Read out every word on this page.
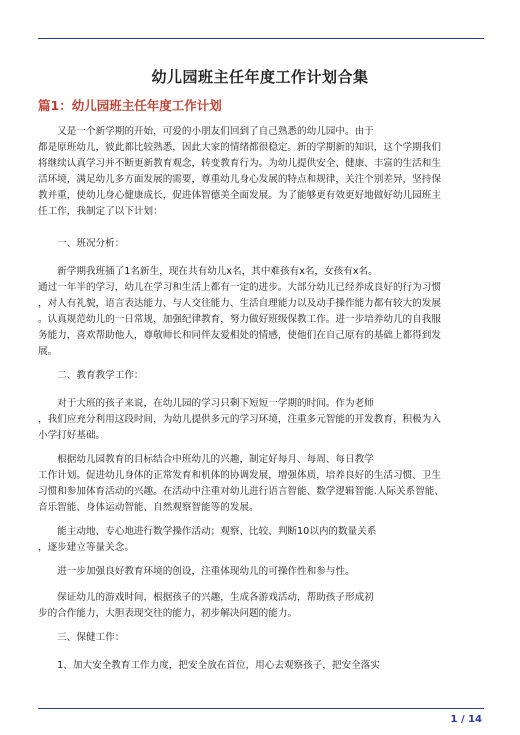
幼儿园班主任年度工作计划合集
篇1：幼儿园班主任年度工作计划
　　又是一个新学期的开始，可爱的小朋友们回到了自己熟悉的幼儿园中。由于
都是原班幼儿，彼此都比较熟悉，因此大家的情绪都很稳定。新的学期新的知识，这个学期我们
将继续认真学习并不断更新教育观念，转变教育行为。为幼儿提供安全、健康、丰富的生活和生
活环境，满足幼儿多方面发展的需要，尊重幼儿身心发展的特点和规律，关注个别差异，坚持保
教并重，使幼儿身心健康成长，促进体智德美全面发展。为了能够更有效更好地做好幼儿园班主
任工作，我制定了以下计划：
　　一、班况分析：
　　新学期我班插了1名新生，现在共有幼儿x名，其中难孩有x名，女孩有x名。
通过一年半的学习，幼儿在学习和生活上都有一定的进步。大部分幼儿已经养成良好的行为习惯
，对人有礼貌，语言表达能力、与人交往能力、生活自理能力以及动手操作能力都有较大的发展
。认真规范幼儿的一日常规，加强纪律教育，努力做好班级保教工作。进一步培养幼儿的自我服
务能力，喜欢帮助他人，尊敬师长和同伴友爱相处的情感，使他们在自己原有的基础上都得到发
展。
　　二、教育教学工作：
　　对于大班的孩子来说，在幼儿园的学习只剩下短短一学期的时间。作为老师
，我们应充分利用这段时间，为幼儿提供多元的学习环境，注重多元智能的开发教育，积极为入
小学打好基础。
　　根据幼儿园教育的目标结合中班幼儿的兴趣，制定好每月、每周、每日教学
工作计划。促进幼儿身体的正常发育和机体的协调发展，增强体质，培养良好的生活习惯、卫生
习惯和参加体育活动的兴趣。在活动中注重对幼儿进行语言智能、数学逻辑智能.人际关系智能、
音乐智能、身体运动智能、自然观察智能等的发展。
　　能主动地、专心地进行数学操作活动；观察、比较、判断10以内的数量关系
，逐步建立等量关念。
　　进一步加强良好教育环境的创设，注重体现幼儿的可操作性和参与性。
　　保证幼儿的游戏时间，根据孩子的兴趣，生成各游戏活动，帮助孩子形成初
步的合作能力，大胆表现交往的能力，初步解决问题的能力。
　　三、保健工作：
　　1、加大安全教育工作力度，把安全放在首位，用心去观察孩子，把安全落实
1 / 14
